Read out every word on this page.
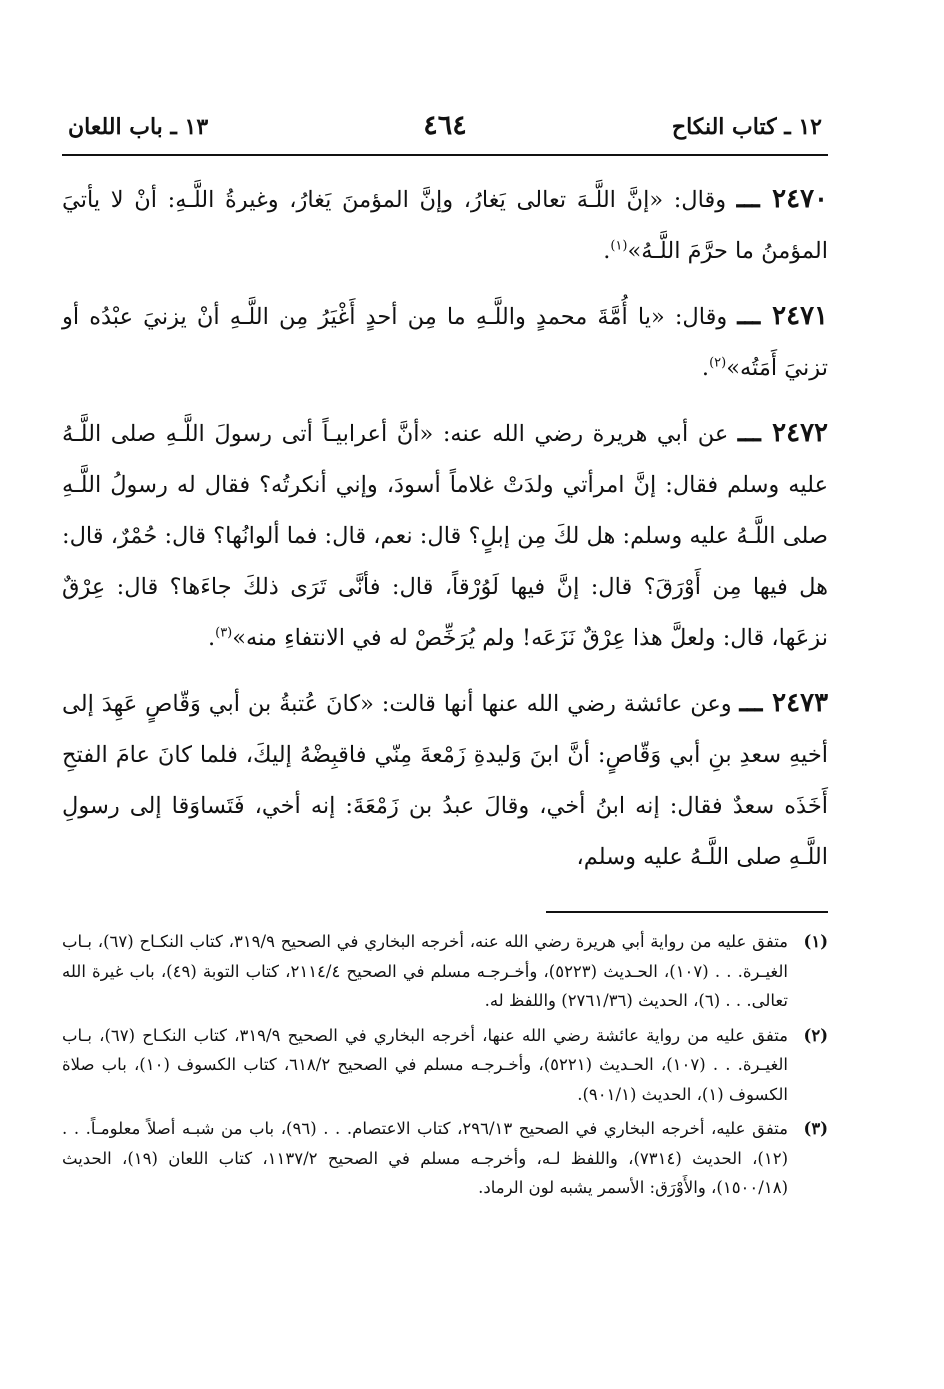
١٢ ـ كتاب النكاح
٤٦٤
١٣ ـ باب اللعان

٢٤٧٠ ـــ وقال: «إنَّ اللَّـهَ تعالى يَغارُ، وإنَّ المؤمنَ يَغارُ، وغيرةُ اللَّـهِ: أنْ لا يأتيَ المؤمنُ ما حرَّمَ اللَّـهُ»$^{(١)}$.

٢٤٧١ ـــ وقال: «يا أُمَّةَ محمدٍ واللَّـهِ ما مِن أحدٍ أَغْيَرُ مِن اللَّـهِ أنْ يزنيَ عبْدُه أو تزنيَ أَمَتُه»$^{(٢)}$.

٢٤٧٢ ـــ عن أبي هريرة رضي الله عنه: «أنَّ أعرابيـاً أتى رسولَ اللَّـهِ صلى اللَّـهُ عليه وسلم فقال: إنَّ امرأتي ولدَتْ غلاماً أسودَ، وإني أنكرتُه؟ فقال له رسولُ اللَّـهِ صلى اللَّـهُ عليه وسلم: هل لكَ مِن إبلٍ؟ قال: نعم، قال: فما ألوانُها؟ قال: حُمْرٌ، قال: هل فيها مِن أَوْرَقَ؟ قال: إنَّ فيها لَوُرْقاً، قال: فأنَّى تَرَى ذلكَ جاءَها؟ قال: عِرْقٌ نزعَها، قال: ولعلَّ هذا عِرْقٌ نَزَعَه! ولم يُرَخِّصْ له في الانتفاءِ منه»$^{(٣)}$.

٢٤٧٣ ـــ وعن عائشة رضي الله عنها أنها قالت: «كانَ عُتبةُ بن أبي وَقّاصٍ عَهِدَ إلى أخيهِ سعدِ بنِ أبي وَقّاصٍ: أنَّ ابنَ وَليدةِ زَمْعةَ مِنّي فاقبِضْهُ إليكَ، فلما كانَ عامَ الفتحِ أَخَذَه سعدٌ فقال: إنه ابنُ أخي، وقالَ عبدُ بن زَمْعَةَ: إنه أخي، فَتَساوَقا إلى رسولِ اللَّـهِ صلى اللَّـهُ عليه وسلم،

(١)
متفق عليه من رواية أبي هريرة رضي الله عنه، أخرجه البخاري في الصحيح ٣١٩/٩، كتاب النكـاح (٦٧)، بـاب الغيـرة. . . (١٠٧)، الحـديث (٥٢٢٣)، وأخـرجـه مسلم في الصحيح ٢١١٤/٤، كتاب التوبة (٤٩)، باب غيرة الله تعالى. . . (٦)، الحديث (٢٧٦١/٣٦) واللفظ له.
(٢)
متفق عليه من رواية عائشة رضي الله عنها، أخرجه البخاري في الصحيح ٣١٩/٩، كتاب النكـاح (٦٧)، بـاب الغيـرة. . . (١٠٧)، الحـديث (٥٢٢١)، وأخـرجـه مسلم في الصحيح ٦١٨/٢، كتاب الكسوف (١٠)، باب صلاة الكسوف (١)، الحديث (٩٠١/١).
(٣)
متفق عليه، أخرجه البخاري في الصحيح ٢٩٦/١٣، كتاب الاعتصام. . . (٩٦)، باب من شبـه أصلاً معلومـاً. . . (١٢)، الحديث (٧٣١٤)، واللفظ لـه، وأخرجـه مسلم في الصحيح ١١٣٧/٢، كتاب اللعان (١٩)، الحديث (١٥٠٠/١٨)، والأَوْرَق: الأسمر يشبه لون الرماد.
